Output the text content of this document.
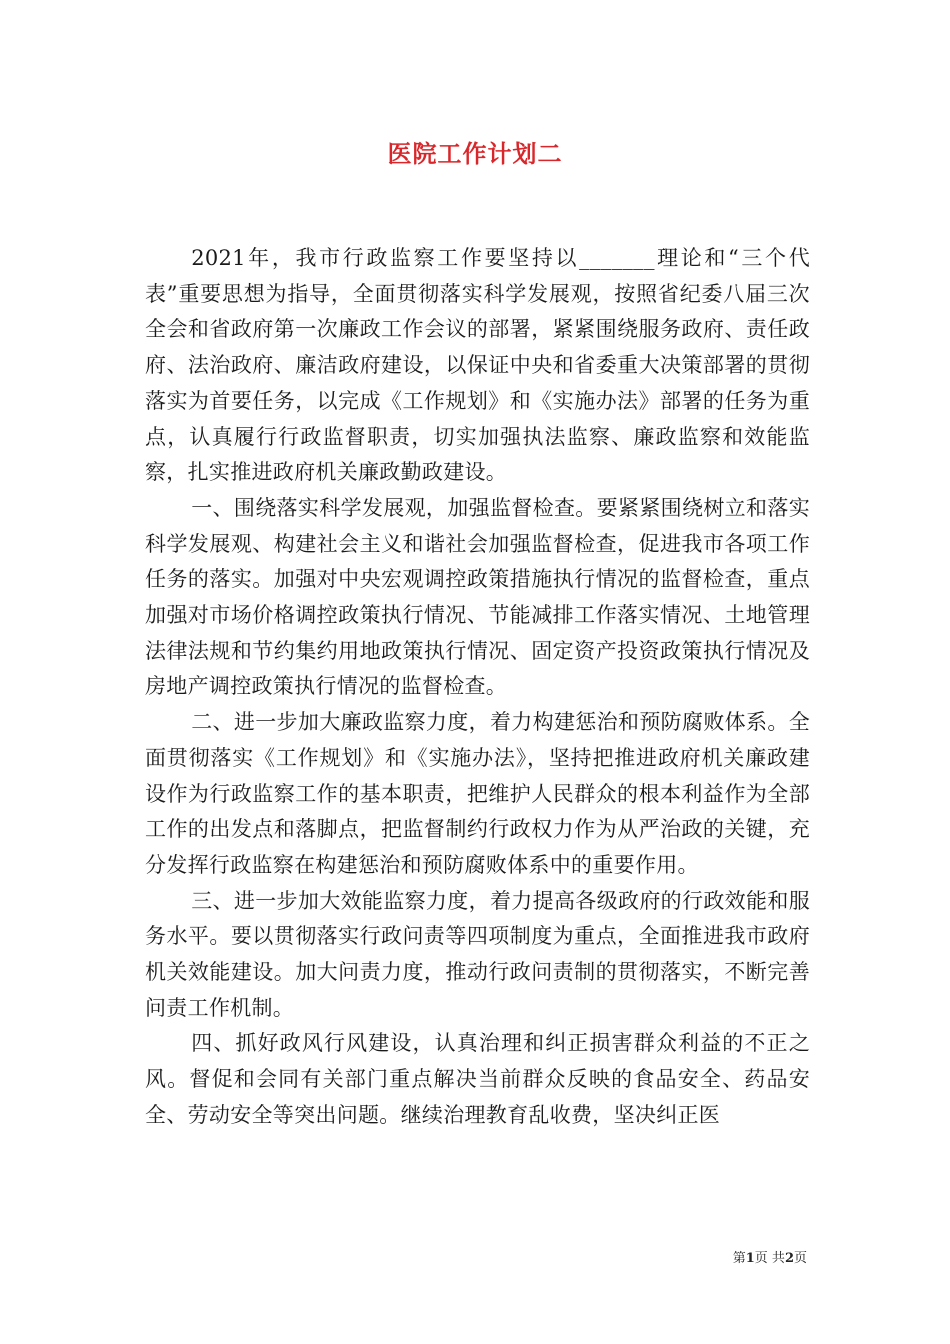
医院工作计划二

2021年，我市行政监察工作要坚持以_______理论和“三个代表”重要思想为指导，全面贯彻落实科学发展观，按照省纪委八届三次全会和省政府第一次廉政工作会议的部署，紧紧围绕服务政府、责任政府、法治政府、廉洁政府建设，以保证中央和省委重大决策部署的贯彻落实为首要任务，以完成《工作规划》和《实施办法》部署的任务为重点，认真履行行政监督职责，切实加强执法监察、廉政监察和效能监察，扎实推进政府机关廉政勤政建设。

一、围绕落实科学发展观，加强监督检查。要紧紧围绕树立和落实科学发展观、构建社会主义和谐社会加强监督检查，促进我市各项工作任务的落实。加强对中央宏观调控政策措施执行情况的监督检查，重点加强对市场价格调控政策执行情况、节能减排工作落实情况、土地管理法律法规和节约集约用地政策执行情况、固定资产投资政策执行情况及房地产调控政策执行情况的监督检查。

二、进一步加大廉政监察力度，着力构建惩治和预防腐败体系。全面贯彻落实《工作规划》和《实施办法》，坚持把推进政府机关廉政建设作为行政监察工作的基本职责，把维护人民群众的根本利益作为全部工作的出发点和落脚点，把监督制约行政权力作为从严治政的关键，充分发挥行政监察在构建惩治和预防腐败体系中的重要作用。

三、进一步加大效能监察力度，着力提高各级政府的行政效能和服务水平。要以贯彻落实行政问责等四项制度为重点，全面推进我市政府机关效能建设。加大问责力度，推动行政问责制的贯彻落实，不断完善问责工作机制。

四、抓好政风行风建设，认真治理和纠正损害群众利益的不正之风。督促和会同有关部门重点解决当前群众反映的食品安全、药品安全、劳动安全等突出问题。继续治理教育乱收费，坚决纠正医

第1页 共2页
